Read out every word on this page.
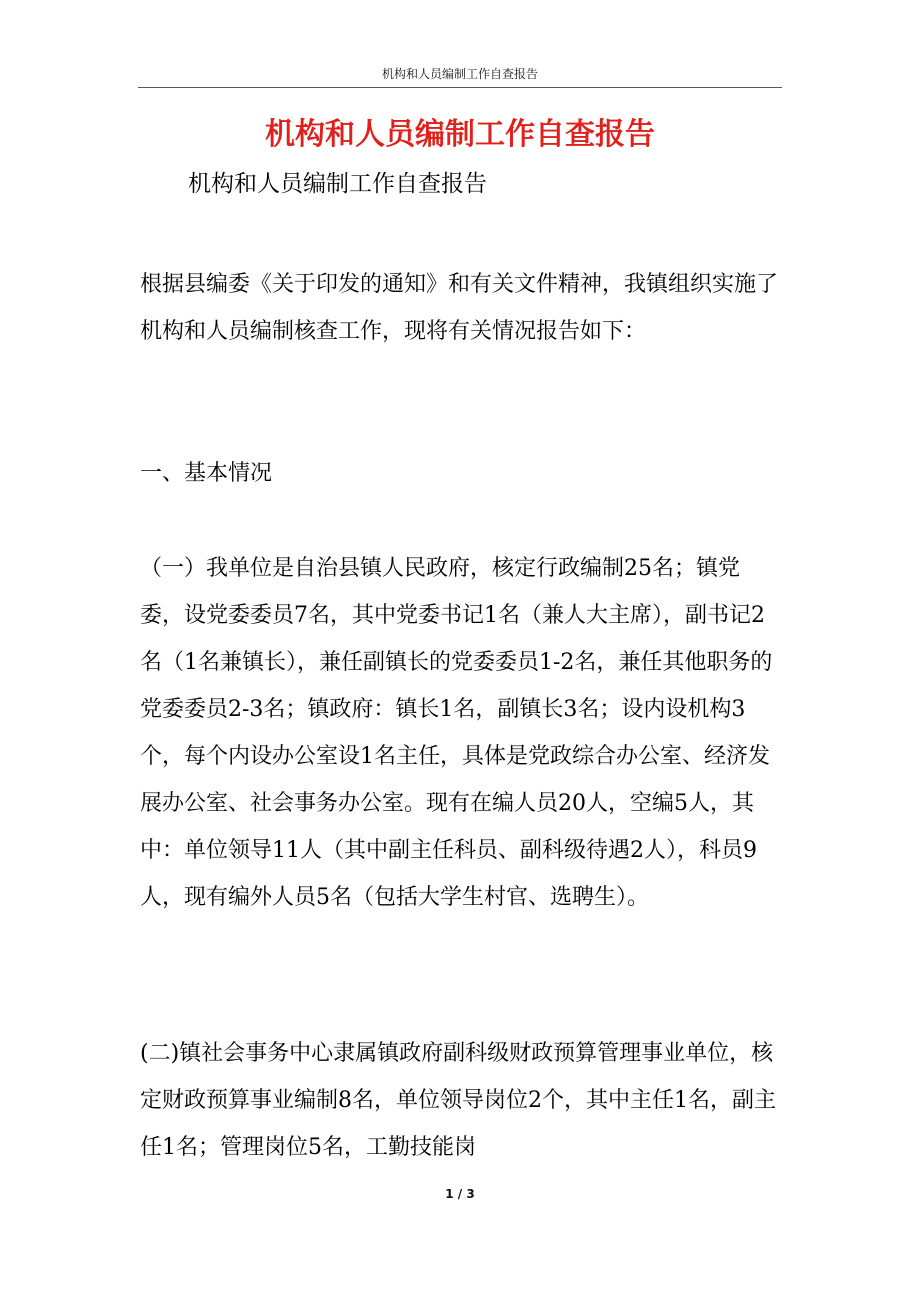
机构和人员编制工作自查报告
机构和人员编制工作自查报告

机构和人员编制工作自查报告

根据县编委《关于印发的通知》和有关文件精神，我镇组织实施了机构和人员编制核查工作，现将有关情况报告如下：

一、基本情况

（一）我单位是自治县镇人民政府，核定行政编制25名；镇党委，设党委委员7名，其中党委书记1名（兼人大主席），副书记2名（1名兼镇长），兼任副镇长的党委委员1-2名，兼任其他职务的党委委员2-3名；镇政府：镇长1名，副镇长3名；设内设机构3个，每个内设办公室设1名主任，具体是党政综合办公室、经济发展办公室、社会事务办公室。现有在编人员20人，空编5人，其中：单位领导11人（其中副主任科员、副科级待遇2人），科员9人，现有编外人员5名（包括大学生村官、选聘生）。

(二)镇社会事务中心隶属镇政府副科级财政预算管理事业单位，核定财政预算事业编制8名，单位领导岗位2个，其中主任1名，副主任1名；管理岗位5名，工勤技能岗

1 / 3
